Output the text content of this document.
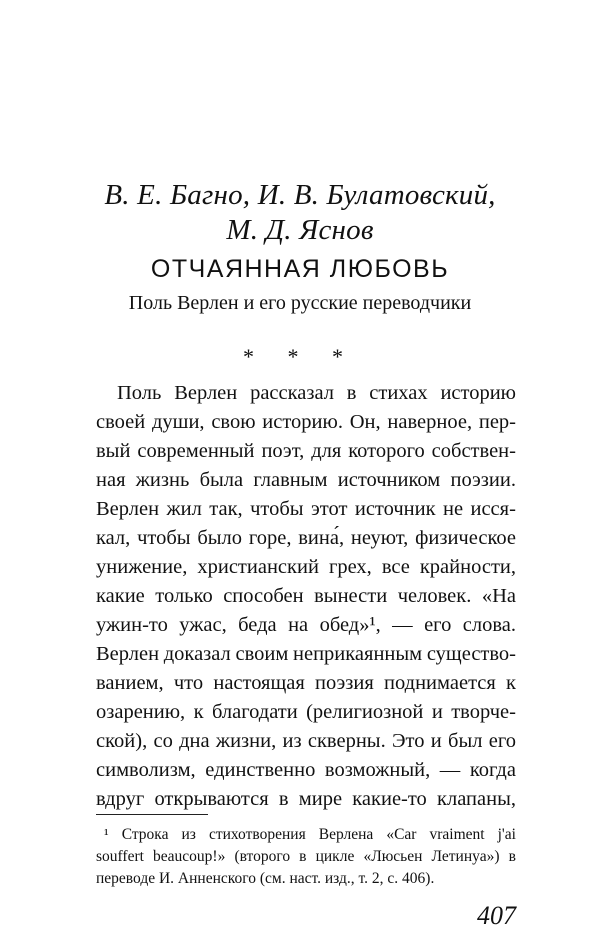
В. Е. Багно, И. В. Булатовский,
М. Д. Яснов
ОТЧАЯННАЯ ЛЮБОВЬ
Поль Верлен и его русские переводчики
* * *
Поль Верлен рассказал в стихах историю
своей души, свою историю. Он, наверное, пер-
вый современный поэт, для которого собствен-
ная жизнь была главным источником поэзии.
Верлен жил так, чтобы этот источник не исся-
кал, чтобы было горе, вина́, неуют, физическое
унижение, христианский грех, все крайности,
какие только способен вынести человек. «На
ужин-то ужас, беда на обед»¹, — его слова.
Верлен доказал своим неприкаянным существо-
ванием, что настоящая поэзия поднимается к
озарению, к благодати (религиозной и творче-
ской), со дна жизни, из скверны. Это и был его
символизм, единственно возможный, — когда
вдруг открываются в мире какие-то клапаны,
¹ Строка из стихотворения Верлена «Car vraiment j'ai
souffert beaucoup!» (второго в цикле «Люсьен Летинуа») в
переводе И. Анненского (см. наст. изд., т. 2, с. 406).
407
